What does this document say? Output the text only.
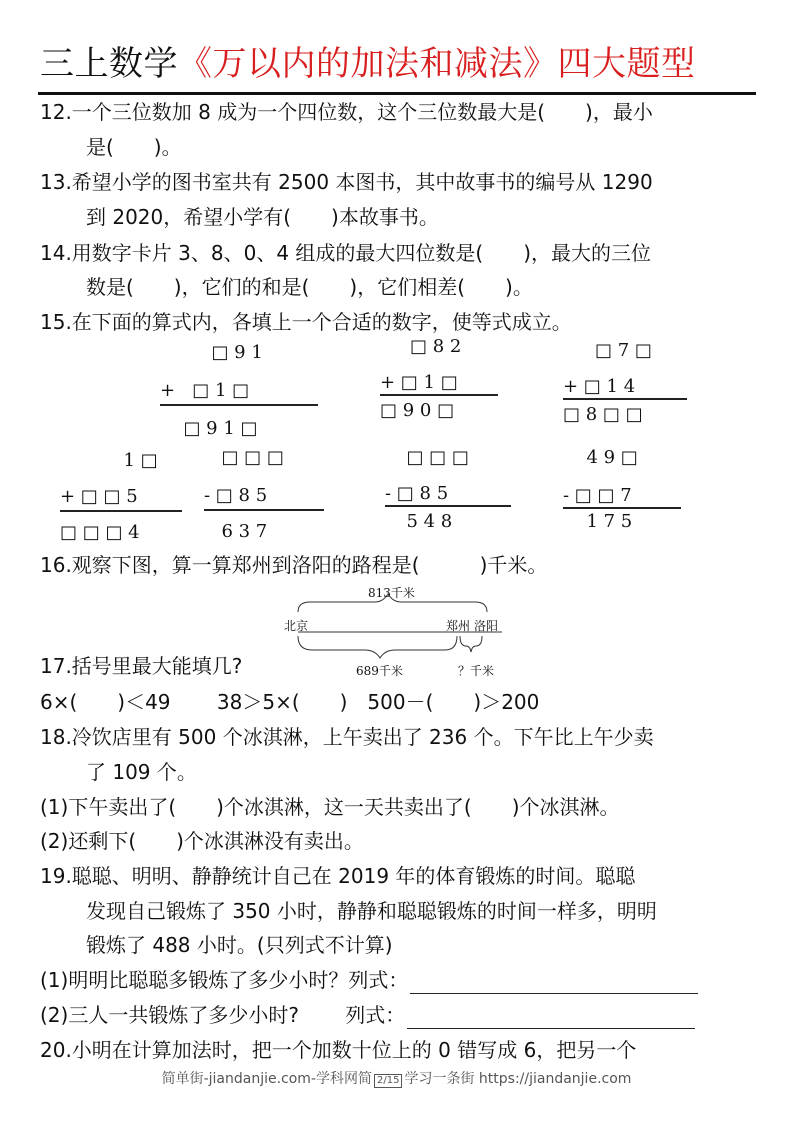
三上数学《万以内的加法和减法》四大题型
12.一个三位数加 8 成为一个四位数，这个三位数最大是(　　)，最小
是(　　)。
13.希望小学的图书室共有 2500 本图书，其中故事书的编号从 1290
到 2020，希望小学有(　　)本故事书。
14.用数字卡片 3、8、0、4 组成的最大四位数是(　　)，最大的三位
数是(　　)，它们的和是(　　)，它们相差(　　)。
15.在下面的算式内，各填上一个合适的数字，使等式成立。
□ 9 1
+   □ 1 □
□ 9 1 □
□ 8 2
+ □ 1 □
□ 9 0 □
□ 7 □
+ □ 1 4
□ 8 □ □
1 □
+ □ □ 5
□ □ □ 4
□ □ □
- □ 8 5
6 3 7
□ □ □
- □ 8 5
5 4 8
4 9 □
- □ □ 7
1 7 5
16.观察下图，算一算郑州到洛阳的路程是(　　　)千米。
813千米
北京	郑州 洛阳
689千米	？千米
17.括号里最大能填几?
6×(　　)＜49　　 38＞5×(　　)　500－(　　)＞200
18.冷饮店里有 500 个冰淇淋，上午卖出了 236 个。下午比上午少卖
了 109 个。
(1)下午卖出了(　　)个冰淇淋，这一天共卖出了(　　)个冰淇淋。
(2)还剩下(　　)个冰淇淋没有卖出。
19.聪聪、明明、静静统计自己在 2019 年的体育锻炼的时间。聪聪
发现自己锻炼了 350 小时，静静和聪聪锻炼的时间一样多，明明
锻炼了 488 小时。(只列式不计算)
(1)明明比聪聪多锻炼了多少小时？列式：
(2)三人一共锻炼了多少小时?　　 列式：
20.小明在计算加法时，把一个加数十位上的 0 错写成 6，把另一个
简单街-jiandanjie.com-学科网简 2/15 学习一条街 https://jiandanjie.com
